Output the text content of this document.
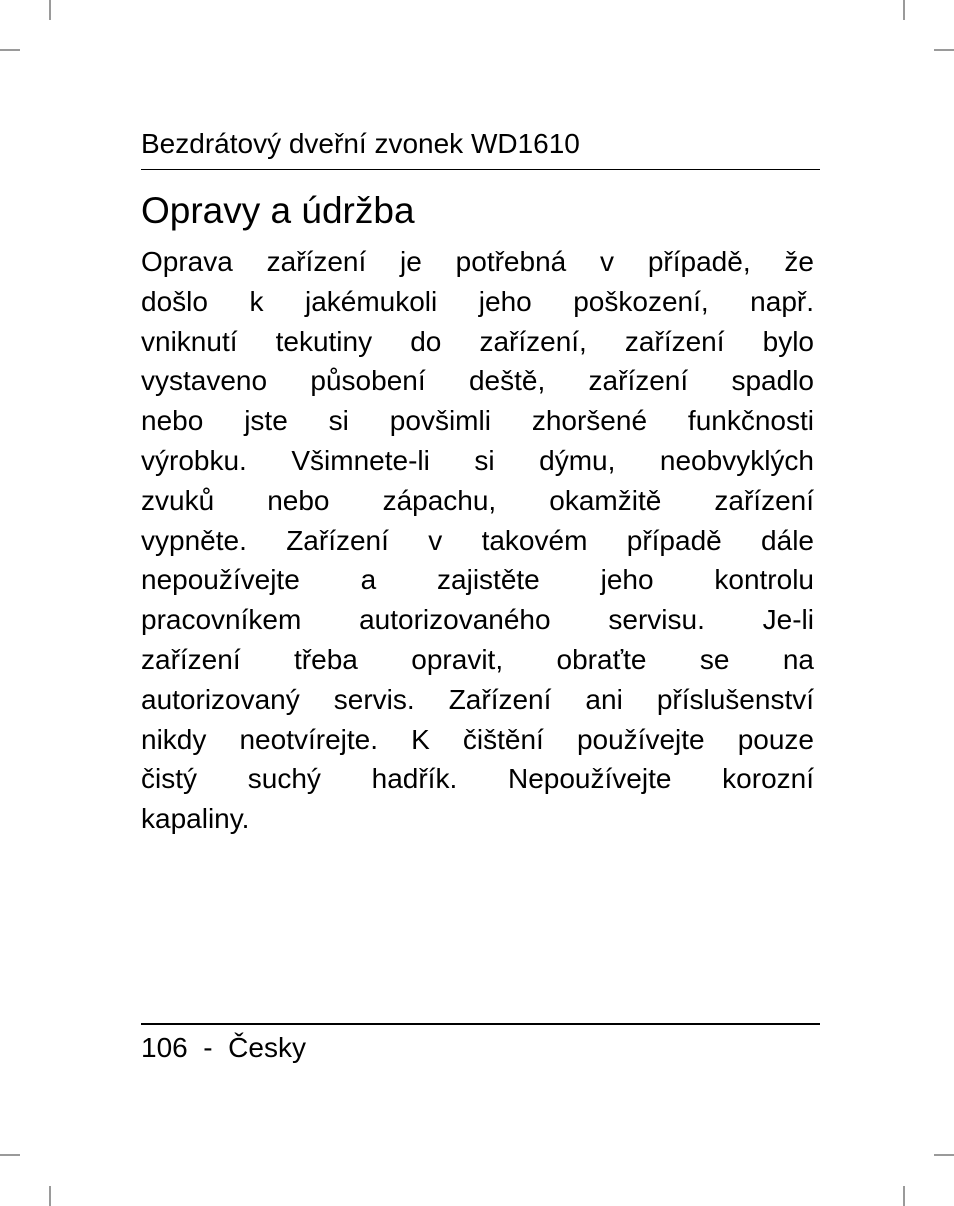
Bezdrátový dveřní zvonek WD1610
Opravy a údržba
Oprava zařízení je potřebná v případě, že
došlo k jakémukoli jeho poškození, např.
vniknutí tekutiny do zařízení, zařízení bylo
vystaveno působení deště, zařízení spadlo
nebo jste si povšimli zhoršené funkčnosti
výrobku. Všimnete-li si dýmu, neobvyklých
zvuků nebo zápachu, okamžitě zařízení
vypněte. Zařízení v takovém případě dále
nepoužívejte a zajistěte jeho kontrolu
pracovníkem autorizovaného servisu. Je-li
zařízení třeba opravit, obraťte se na
autorizovaný servis. Zařízení ani příslušenství
nikdy neotvírejte. K čištění používejte pouze
čistý suchý hadřík. Nepoužívejte korozní
kapaliny.
106  -  Česky
